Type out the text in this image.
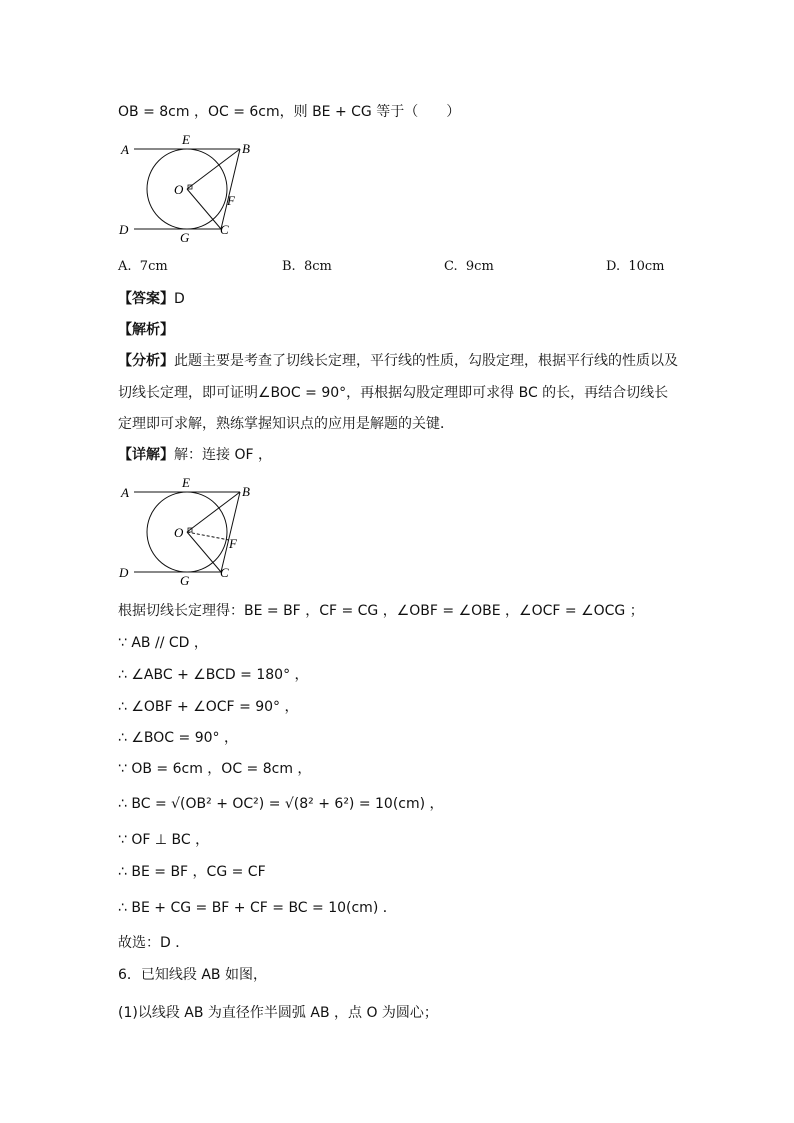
OB = 8cm ，OC = 6cm，则 BE + CG 等于（　　）
A
E
B
O
F
D
G
C
A. 7cm	B. 8cm	C. 9cm	D. 10cm
【答案】D
【解析】
【分析】此题主要是考查了切线长定理，平行线的性质，勾股定理，根据平行线的性质以及
切线长定理，即可证明∠BOC = 90°，再根据勾股定理即可求得 BC 的长，再结合切线长
定理即可求解，熟练掌握知识点的应用是解题的关键．
【详解】解：连接 OF ，
A
E
B
O
F
D
G
C
根据切线长定理得：BE = BF ，CF = CG ，∠OBF = ∠OBE ，∠OCF = ∠OCG ；
∵ AB // CD ，
∴ ∠ABC + ∠BCD = 180° ，
∴ ∠OBF + ∠OCF = 90° ，
∴ ∠BOC = 90° ，
∵ OB = 6cm ，OC = 8cm ，
∴ BC = √(OB² + OC²) = √(8² + 6²) = 10(cm) ，
∵ OF ⊥ BC ，
∴ BE = BF ，CG = CF
∴ BE + CG = BF + CF = BC = 10(cm) ．
故选：D ．
6．已知线段 AB 如图，
(1)以线段 AB 为直径作半圆弧 AB ，点 O 为圆心；
